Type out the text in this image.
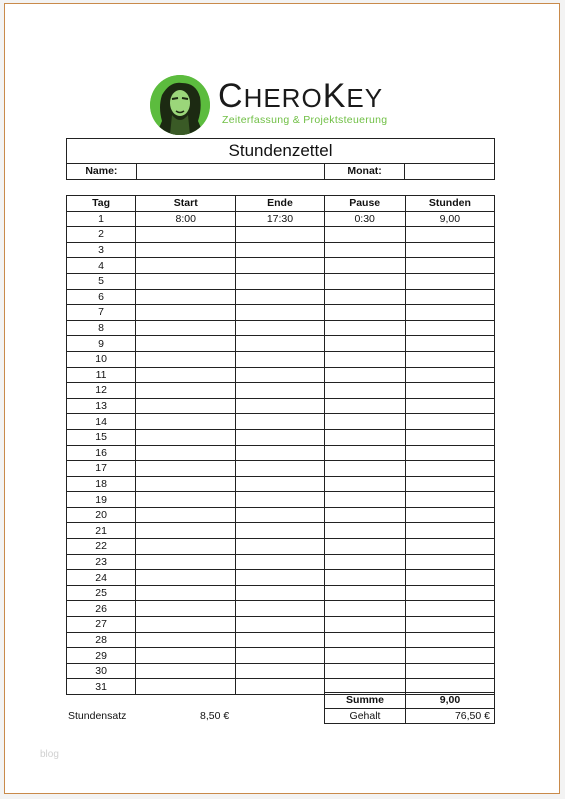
CHEROKEY
Zeiterfassung & Projektsteuerung
Stundenzettel
Name:		Monat:	
Tag	Start	Ende	Pause	Stunden
1	8:00	17:30	0:30	9,00
2				
3				
4				
5				
6				
7				
8				
9				
10				
11				
12				
13				
14				
15				
16				
17				
18				
19				
20				
21				
22				
23				
24				
25				
26				
27				
28				
29				
30				
31				
Summe	9,00
Gehalt	76,50 €
Stundensatz	8,50 €
blog
